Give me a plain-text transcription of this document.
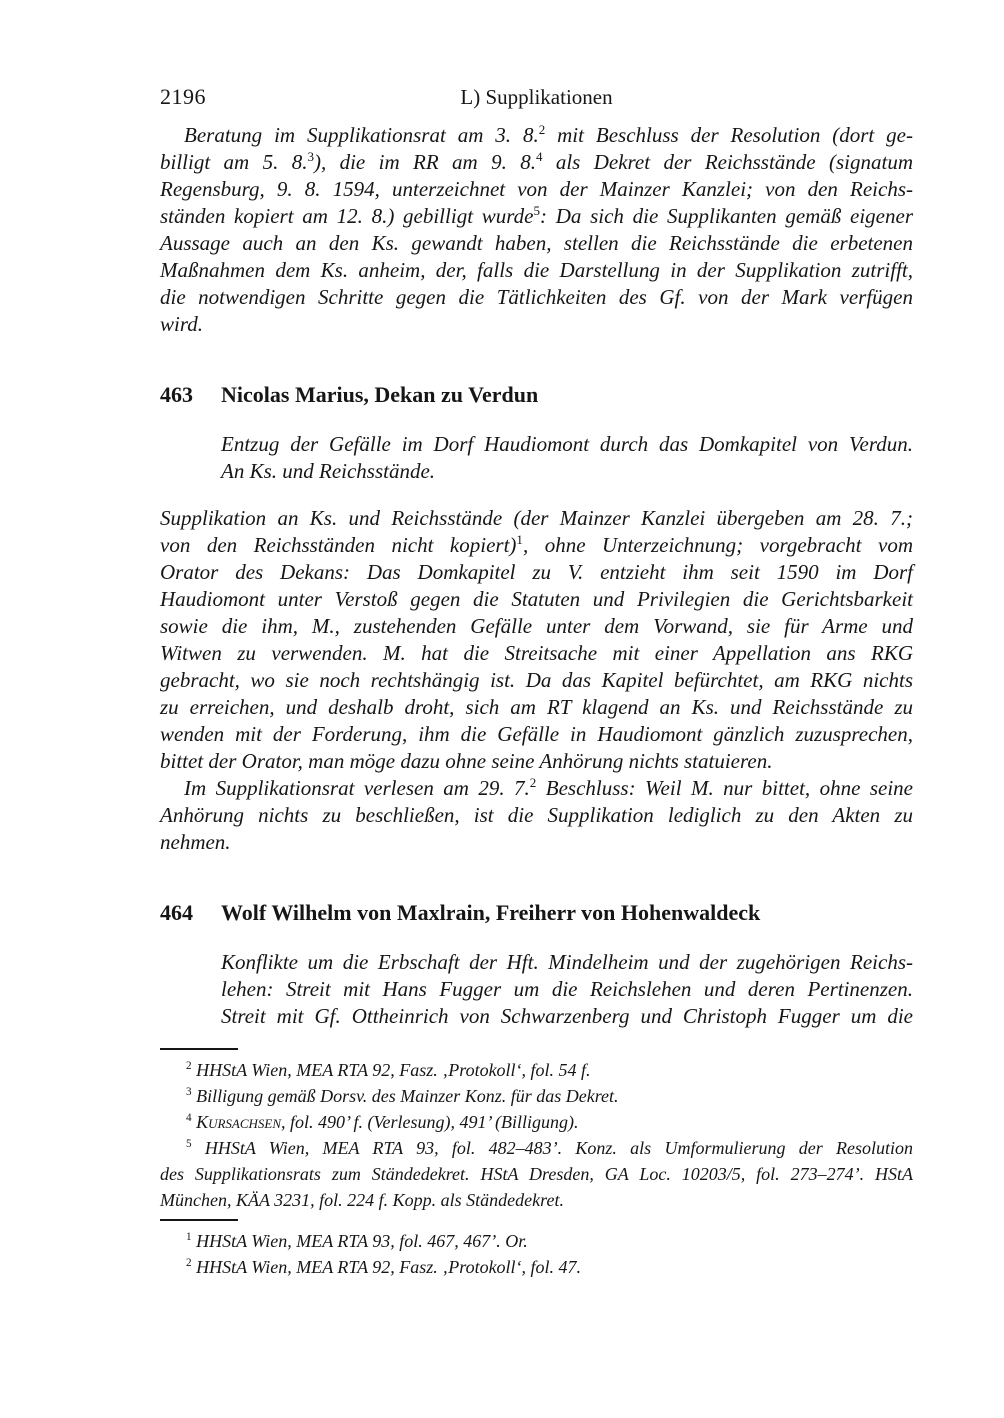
2196	L) Supplikationen
Beratung im Supplikationsrat am 3. 8.$^2$ mit Beschluss der Resolution (dort ge-
billigt am 5. 8.$^3$), die im RR am 9. 8.$^4$ als Dekret der Reichsstände (signatum
Regensburg, 9. 8. 1594, unterzeichnet von der Mainzer Kanzlei; von den Reichs-
ständen kopiert am 12. 8.) gebilligt wurde$^5$: Da sich die Supplikanten gemäß eigener
Aussage auch an den Ks. gewandt haben, stellen die Reichsstände die erbetenen
Maßnahmen dem Ks. anheim, der, falls die Darstellung in der Supplikation zutrifft,
die notwendigen Schritte gegen die Tätlichkeiten des Gf. von der Mark verfügen
wird.
463	Nicolas Marius, Dekan zu Verdun
Entzug der Gefälle im Dorf Haudiomont durch das Domkapitel von Verdun.
An Ks. und Reichsstände.
Supplikation an Ks. und Reichsstände (der Mainzer Kanzlei übergeben am 28. 7.;
von den Reichsständen nicht kopiert)$^1$, ohne Unterzeichnung; vorgebracht vom
Orator des Dekans: Das Domkapitel zu V. entzieht ihm seit 1590 im Dorf
Haudiomont unter Verstoß gegen die Statuten und Privilegien die Gerichtsbarkeit
sowie die ihm, M., zustehenden Gefälle unter dem Vorwand, sie für Arme und
Witwen zu verwenden. M. hat die Streitsache mit einer Appellation ans RKG
gebracht, wo sie noch rechtshängig ist. Da das Kapitel befürchtet, am RKG nichts
zu erreichen, und deshalb droht, sich am RT klagend an Ks. und Reichsstände zu
wenden mit der Forderung, ihm die Gefälle in Haudiomont gänzlich zuzusprechen,
bittet der Orator, man möge dazu ohne seine Anhörung nichts statuieren.
Im Supplikationsrat verlesen am 29. 7.$^2$ Beschluss: Weil M. nur bittet, ohne seine
Anhörung nichts zu beschließen, ist die Supplikation lediglich zu den Akten zu
nehmen.
464	Wolf Wilhelm von Maxlrain, Freiherr von Hohenwaldeck
Konflikte um die Erbschaft der Hft. Mindelheim und der zugehörigen Reichs-
lehen: Streit mit Hans Fugger um die Reichslehen und deren Pertinenzen.
Streit mit Gf. Ottheinrich von Schwarzenberg und Christoph Fugger um die
$^2$ HHStA Wien, MEA RTA 92, Fasz. ‚Protokoll‘, fol. 54 f.
$^3$ Billigung gemäß Dorsv. des Mainzer Konz. für das Dekret.
$^4$ Kursachsen, fol. 490’ f. (Verlesung), 491’ (Billigung).
$^5$ HHStA Wien, MEA RTA 93, fol. 482–483’. Konz. als Umformulierung der Resolution
des Supplikationsrats zum Ständedekret. HStA Dresden, GA Loc. 10203/5, fol. 273–274’. HStA
München, KÄA 3231, fol. 224 f. Kopp. als Ständedekret.
$^1$ HHStA Wien, MEA RTA 93, fol. 467, 467’. Or.
$^2$ HHStA Wien, MEA RTA 92, Fasz. ‚Protokoll‘, fol. 47.
